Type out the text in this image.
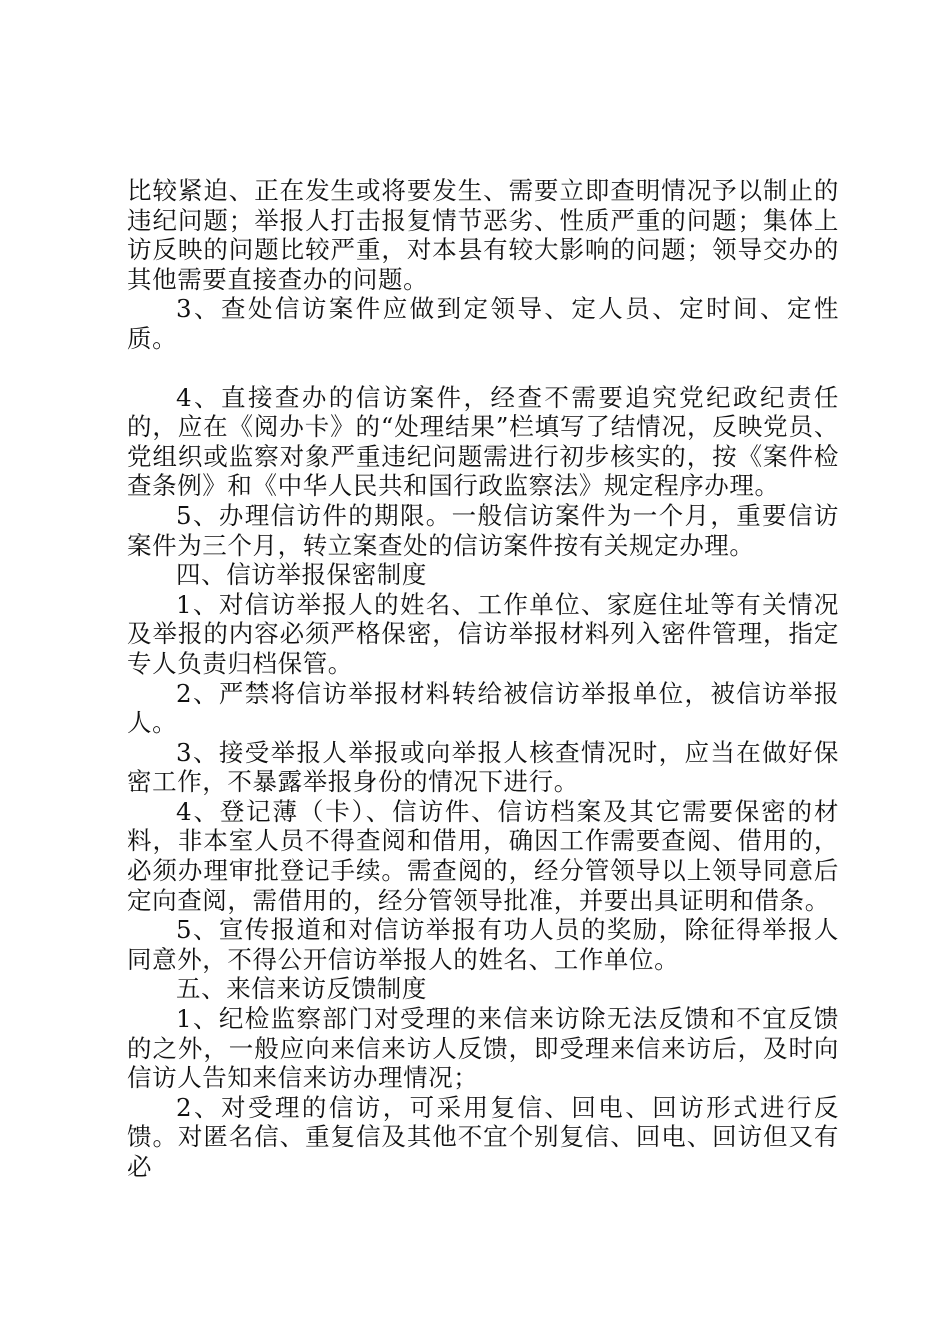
比较紧迫、正在发生或将要发生、需要立即查明情况予以制止的违纪问题；举报人打击报复情节恶劣、性质严重的问题；集体上访反映的问题比较严重，对本县有较大影响的问题；领导交办的其他需要直接查办的问题。

3、查处信访案件应做到定领导、定人员、定时间、定性质。

4、直接查办的信访案件，经查不需要追究党纪政纪责任的，应在《阅办卡》的“处理结果”栏填写了结情况，反映党员、党组织或监察对象严重违纪问题需进行初步核实的，按《案件检查条例》和《中华人民共和国行政监察法》规定程序办理。

5、办理信访件的期限。一般信访案件为一个月，重要信访案件为三个月，转立案查处的信访案件按有关规定办理。

四、信访举报保密制度

1、对信访举报人的姓名、工作单位、家庭住址等有关情况及举报的内容必须严格保密，信访举报材料列入密件管理，指定专人负责归档保管。

2、严禁将信访举报材料转给被信访举报单位，被信访举报人。

3、接受举报人举报或向举报人核查情况时，应当在做好保密工作，不暴露举报身份的情况下进行。

4、登记薄（卡）、信访件、信访档案及其它需要保密的材料，非本室人员不得查阅和借用，确因工作需要查阅、借用的，必须办理审批登记手续。需查阅的，经分管领导以上领导同意后定向查阅，需借用的，经分管领导批准，并要出具证明和借条。

5、宣传报道和对信访举报有功人员的奖励，除征得举报人同意外，不得公开信访举报人的姓名、工作单位。

五、来信来访反馈制度

1、纪检监察部门对受理的来信来访除无法反馈和不宜反馈的之外，一般应向来信来访人反馈，即受理来信来访后，及时向信访人告知来信来访办理情况；

2、对受理的信访，可采用复信、回电、回访形式进行反馈。对匿名信、重复信及其他不宜个别复信、回电、回访但又有必
